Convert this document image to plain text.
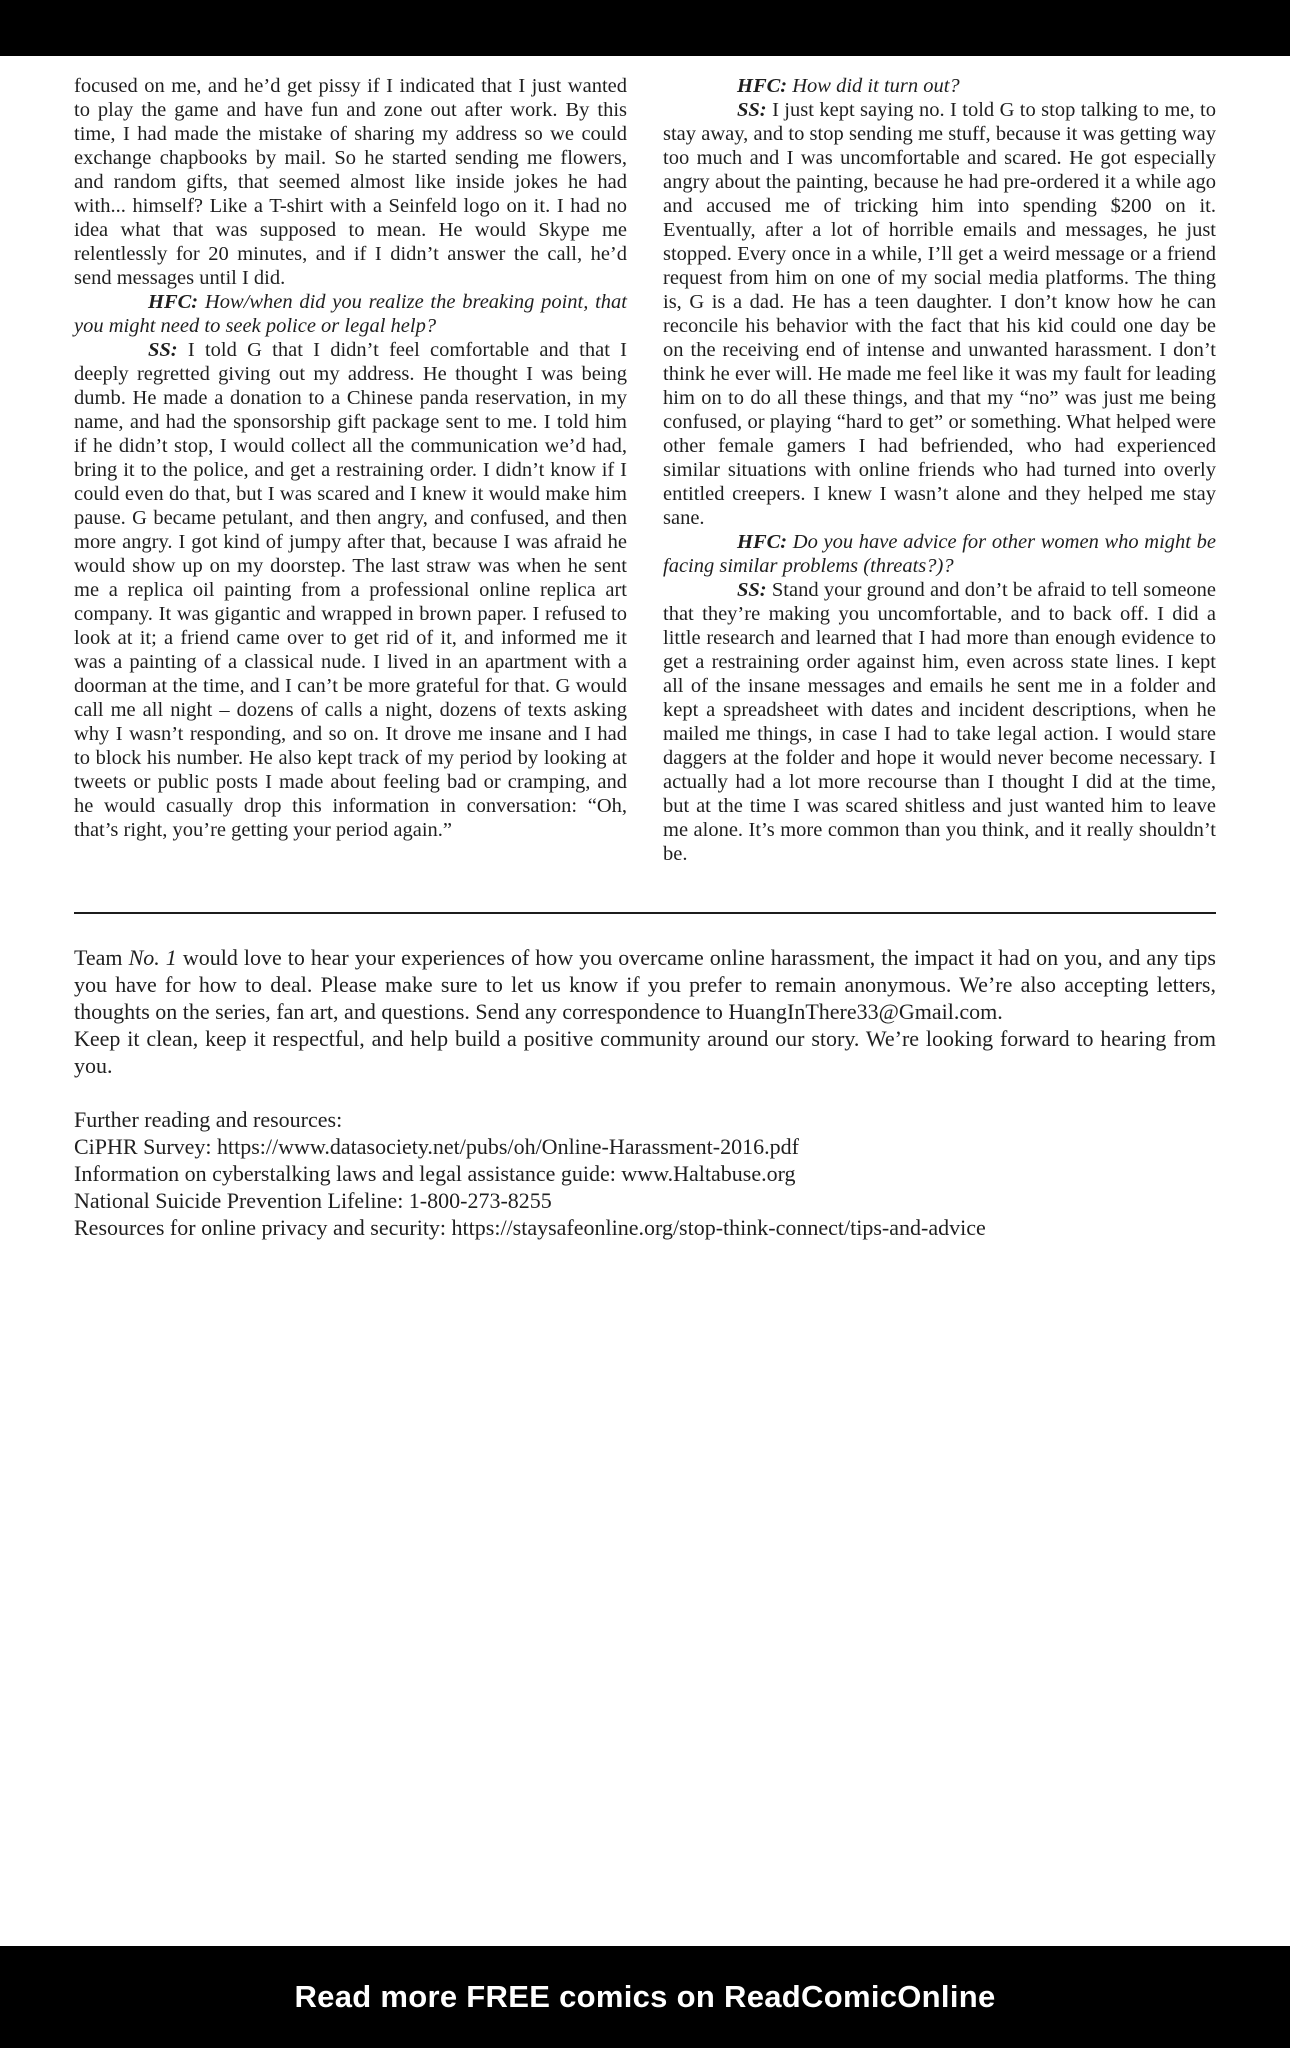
focused on me, and he’d get pissy if I indicated that I just wanted to play the game and have fun and zone out after work. By this time, I had made the mistake of sharing my address so we could exchange chapbooks by mail. So he started sending me flowers, and random gifts, that seemed almost like inside jokes he had with... himself? Like a T-shirt with a Seinfeld logo on it. I had no idea what that was supposed to mean. He would Skype me relentlessly for 20 minutes, and if I didn’t answer the call, he’d send messages until I did.

HFC: How/when did you realize the breaking point, that you might need to seek police or legal help?

SS: I told G that I didn’t feel comfortable and that I deeply regretted giving out my address. He thought I was being dumb. He made a donation to a Chinese panda reservation, in my name, and had the sponsorship gift package sent to me. I told him if he didn’t stop, I would collect all the communication we’d had, bring it to the police, and get a restraining order. I didn’t know if I could even do that, but I was scared and I knew it would make him pause. G became petulant, and then angry, and confused, and then more angry. I got kind of jumpy after that, because I was afraid he would show up on my doorstep. The last straw was when he sent me a replica oil painting from a professional online replica art company. It was gigantic and wrapped in brown paper. I refused to look at it; a friend came over to get rid of it, and informed me it was a painting of a classical nude. I lived in an apartment with a doorman at the time, and I can’t be more grateful for that. G would call me all night – dozens of calls a night, dozens of texts asking why I wasn’t responding, and so on. It drove me insane and I had to block his number. He also kept track of my period by looking at tweets or public posts I made about feeling bad or cramping, and he would casually drop this information in conversation: “Oh, that’s right, you’re getting your period again.”

HFC: How did it turn out?

SS: I just kept saying no. I told G to stop talking to me, to stay away, and to stop sending me stuff, because it was getting way too much and I was uncomfortable and scared. He got especially angry about the painting, because he had pre-ordered it a while ago and accused me of tricking him into spending $200 on it. Eventually, after a lot of horrible emails and messages, he just stopped. Every once in a while, I’ll get a weird message or a friend request from him on one of my social media platforms. The thing is, G is a dad. He has a teen daughter. I don’t know how he can reconcile his behavior with the fact that his kid could one day be on the receiving end of intense and unwanted harassment. I don’t think he ever will. He made me feel like it was my fault for leading him on to do all these things, and that my “no” was just me being confused, or playing “hard to get” or something. What helped were other female gamers I had befriended, who had experienced similar situations with online friends who had turned into overly entitled creepers. I knew I wasn’t alone and they helped me stay sane.

HFC: Do you have advice for other women who might be facing similar problems (threats?)?

SS: Stand your ground and don’t be afraid to tell someone that they’re making you uncomfortable, and to back off. I did a little research and learned that I had more than enough evidence to get a restraining order against him, even across state lines. I kept all of the insane messages and emails he sent me in a folder and kept a spreadsheet with dates and incident descriptions, when he mailed me things, in case I had to take legal action. I would stare daggers at the folder and hope it would never become necessary. I actually had a lot more recourse than I thought I did at the time, but at the time I was scared shitless and just wanted him to leave me alone. It’s more common than you think, and it really shouldn’t be.

Team No. 1 would love to hear your experiences of how you overcame online harassment, the impact it had on you, and any tips you have for how to deal. Please make sure to let us know if you prefer to remain anonymous. We’re also accepting letters, thoughts on the series, fan art, and questions. Send any correspondence to HuangInThere33@Gmail.com.

Keep it clean, keep it respectful, and help build a positive community around our story. We’re looking forward to hearing from you.

Further reading and resources:

CiPHR Survey: https://www.datasociety.net/pubs/oh/Online-Harassment-2016.pdf

Information on cyberstalking laws and legal assistance guide: www.Haltabuse.org

National Suicide Prevention Lifeline: 1-800-273-8255

Resources for online privacy and security: https://staysafeonline.org/stop-think-connect/tips-and-advice

Read more FREE comics on ReadComicOnline
